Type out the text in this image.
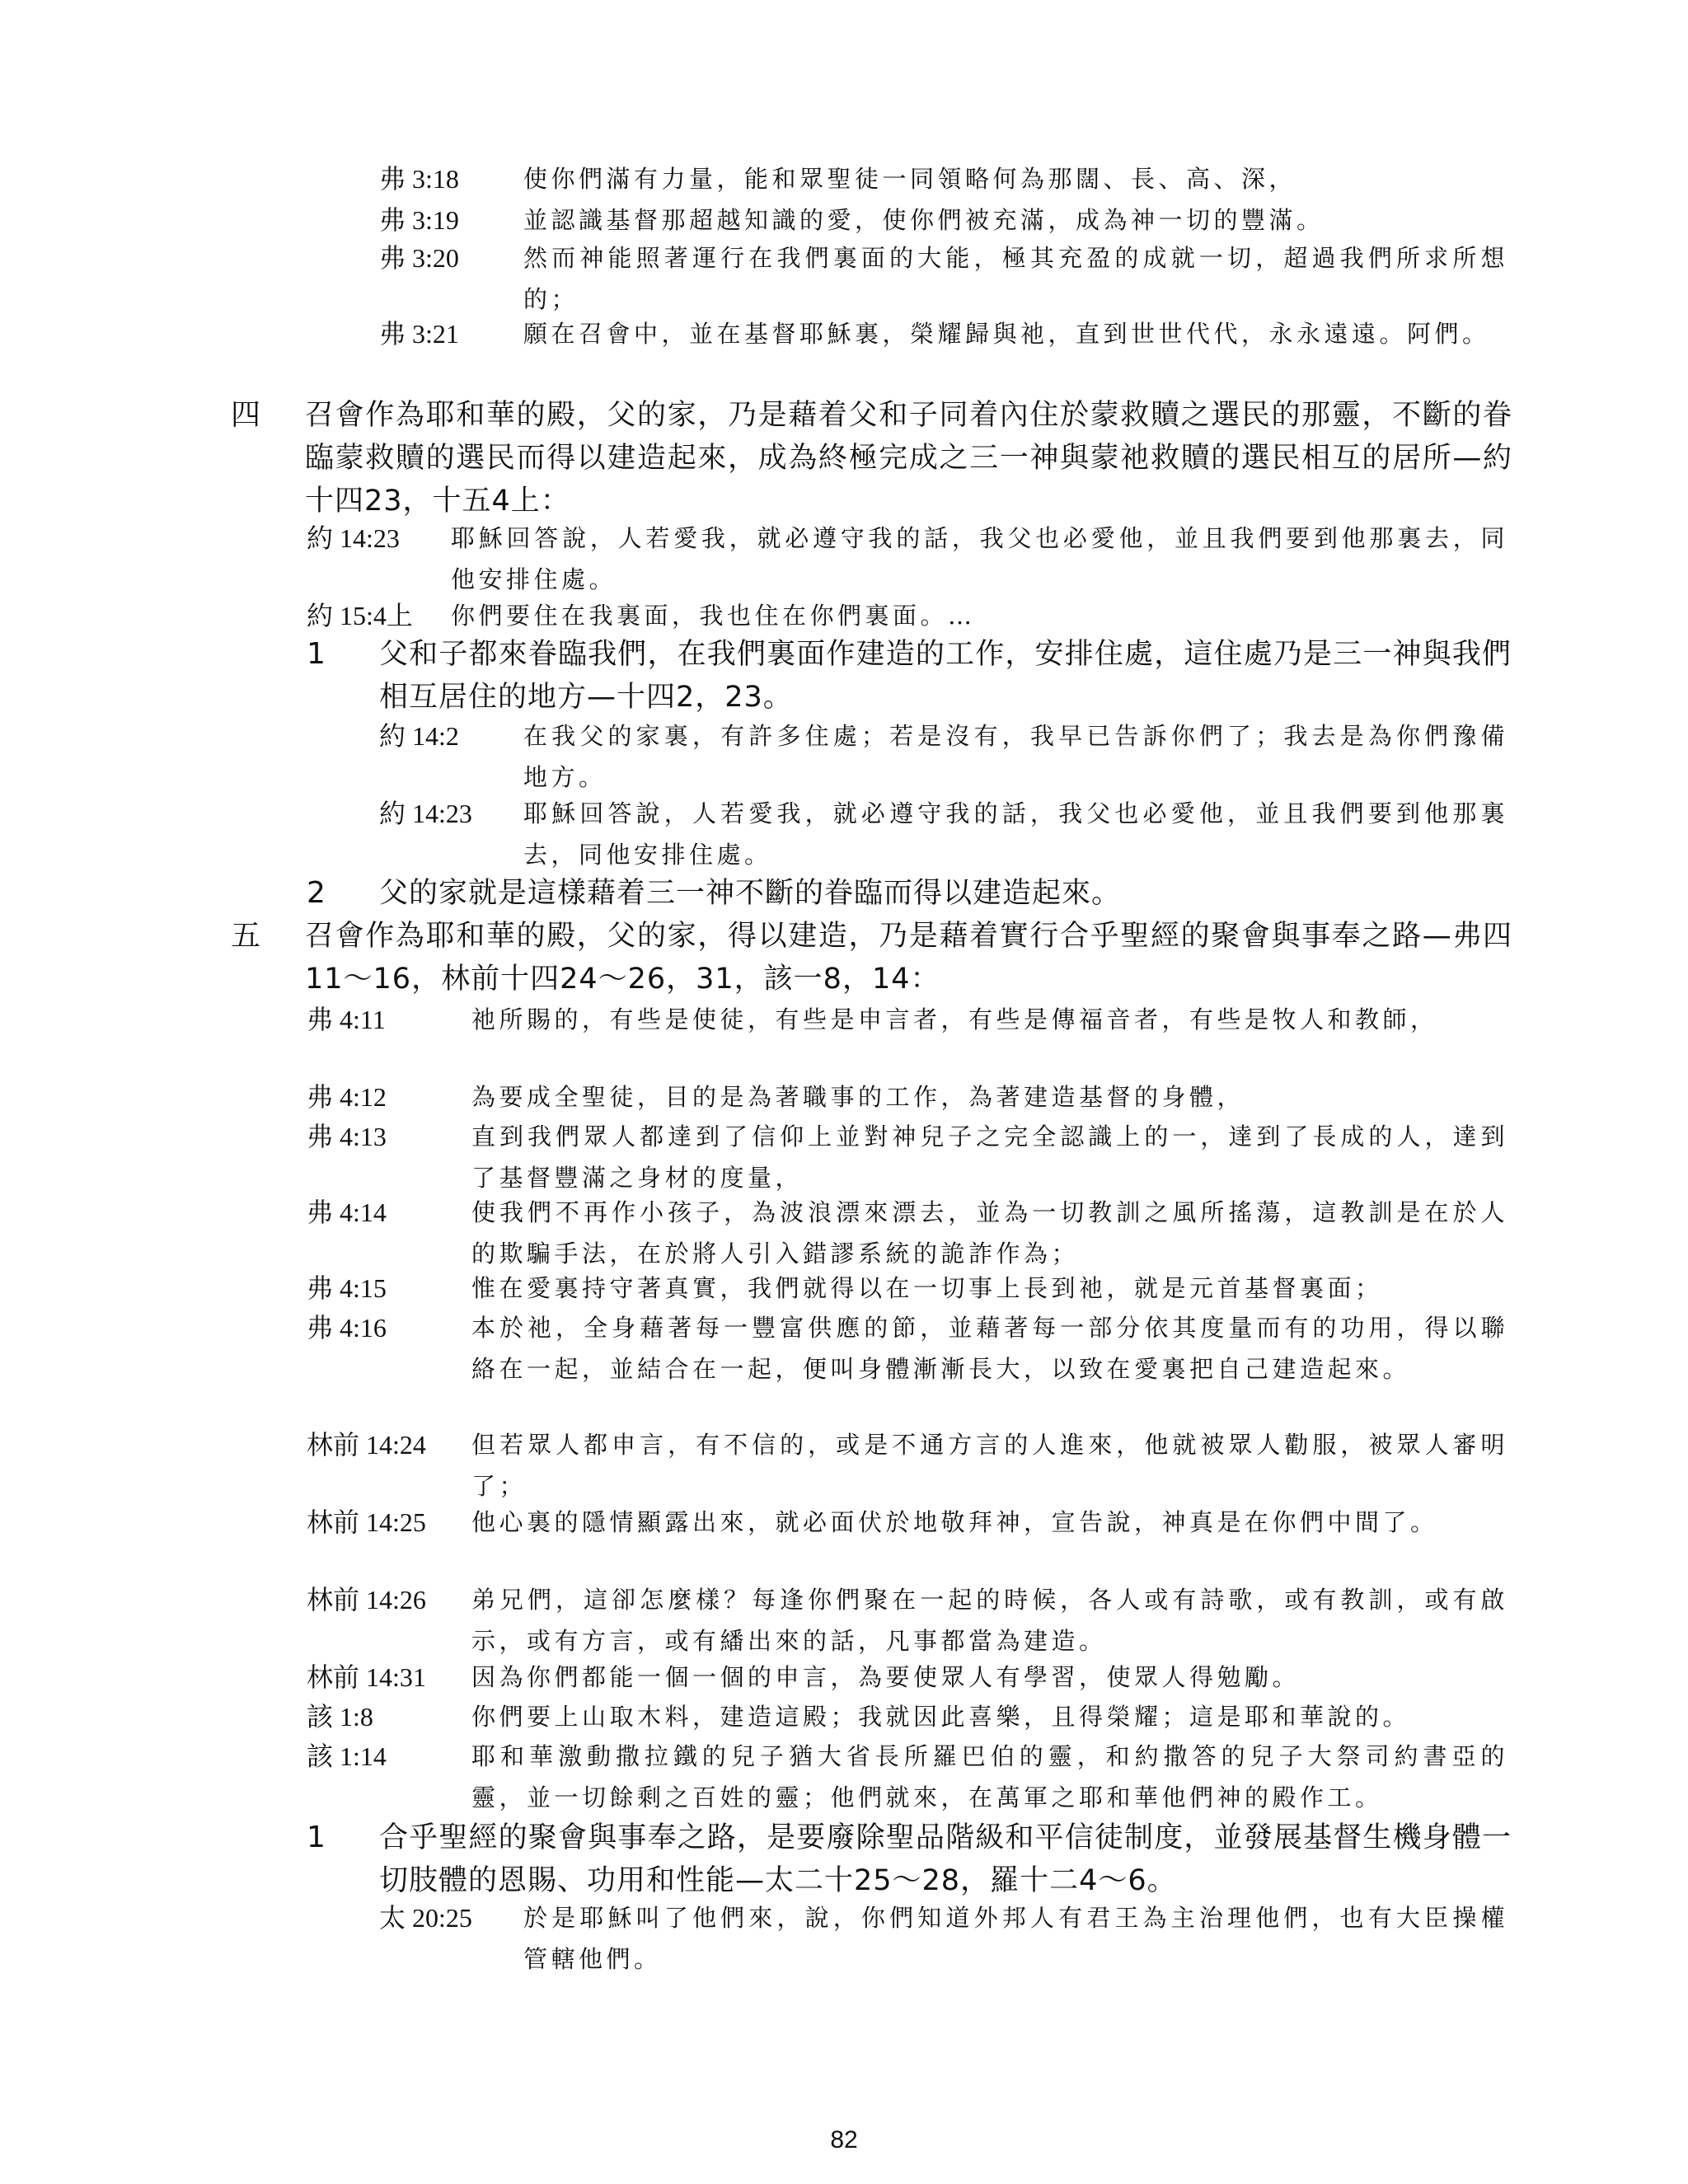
弗 3:18	使你們滿有力量，能和眾聖徒一同領略何為那闊、長、高、深，
弗 3:19	並認識基督那超越知識的愛，使你們被充滿，成為神一切的豐滿。
弗 3:20	然而神能照著運行在我們裏面的大能，極其充盈的成就一切，超過我們所求所想的；
弗 3:21	願在召會中，並在基督耶穌裏，榮耀歸與祂，直到世世代代，永永遠遠。阿們。
四	召會作為耶和華的殿，父的家，乃是藉着父和子同着內住於蒙救贖之選民的那靈，不斷的眷臨蒙救贖的選民而得以建造起來，成為終極完成之三一神與蒙祂救贖的選民相互的居所—約十四23，十五4上：
約 14:23	耶穌回答說，人若愛我，就必遵守我的話，我父也必愛他，並且我們要到他那裏去，同他安排住處。
約 15:4上	你們要住在我裏面，我也住在你們裏面。…
1	父和子都來眷臨我們，在我們裏面作建造的工作，安排住處，這住處乃是三一神與我們相互居住的地方—十四2，23。
約 14:2	在我父的家裏，有許多住處；若是沒有，我早已告訴你們了；我去是為你們豫備地方。
約 14:23	耶穌回答說，人若愛我，就必遵守我的話，我父也必愛他，並且我們要到他那裏去，同他安排住處。
2	父的家就是這樣藉着三一神不斷的眷臨而得以建造起來。
五	召會作為耶和華的殿，父的家，得以建造，乃是藉着實行合乎聖經的聚會與事奉之路—弗四11～16，林前十四24～26，31，該一8，14：
弗 4:11	祂所賜的，有些是使徒，有些是申言者，有些是傳福音者，有些是牧人和教師，
弗 4:12	為要成全聖徒，目的是為著職事的工作，為著建造基督的身體，
弗 4:13	直到我們眾人都達到了信仰上並對神兒子之完全認識上的一，達到了長成的人，達到了基督豐滿之身材的度量，
弗 4:14	使我們不再作小孩子，為波浪漂來漂去，並為一切教訓之風所搖蕩，這教訓是在於人的欺騙手法，在於將人引入錯謬系統的詭詐作為；
弗 4:15	惟在愛裏持守著真實，我們就得以在一切事上長到祂，就是元首基督裏面；
弗 4:16	本於祂，全身藉著每一豐富供應的節，並藉著每一部分依其度量而有的功用，得以聯絡在一起，並結合在一起，便叫身體漸漸長大，以致在愛裏把自己建造起來。
林前 14:24	但若眾人都申言，有不信的，或是不通方言的人進來，他就被眾人勸服，被眾人審明了；
林前 14:25	他心裏的隱情顯露出來，就必面伏於地敬拜神，宣告說，神真是在你們中間了。
林前 14:26	弟兄們，這卻怎麼樣？每逢你們聚在一起的時候，各人或有詩歌，或有教訓，或有啟示，或有方言，或有繙出來的話，凡事都當為建造。
林前 14:31	因為你們都能一個一個的申言，為要使眾人有學習，使眾人得勉勵。
該 1:8	你們要上山取木料，建造這殿；我就因此喜樂，且得榮耀；這是耶和華說的。
該 1:14	耶和華激動撒拉鐵的兒子猶大省長所羅巴伯的靈，和約撒答的兒子大祭司約書亞的靈，並一切餘剩之百姓的靈；他們就來，在萬軍之耶和華他們神的殿作工。
1	合乎聖經的聚會與事奉之路，是要廢除聖品階級和平信徒制度，並發展基督生機身體一切肢體的恩賜、功用和性能—太二十25～28，羅十二4～6。
太 20:25	於是耶穌叫了他們來，說，你們知道外邦人有君王為主治理他們，也有大臣操權管轄他們。
82
